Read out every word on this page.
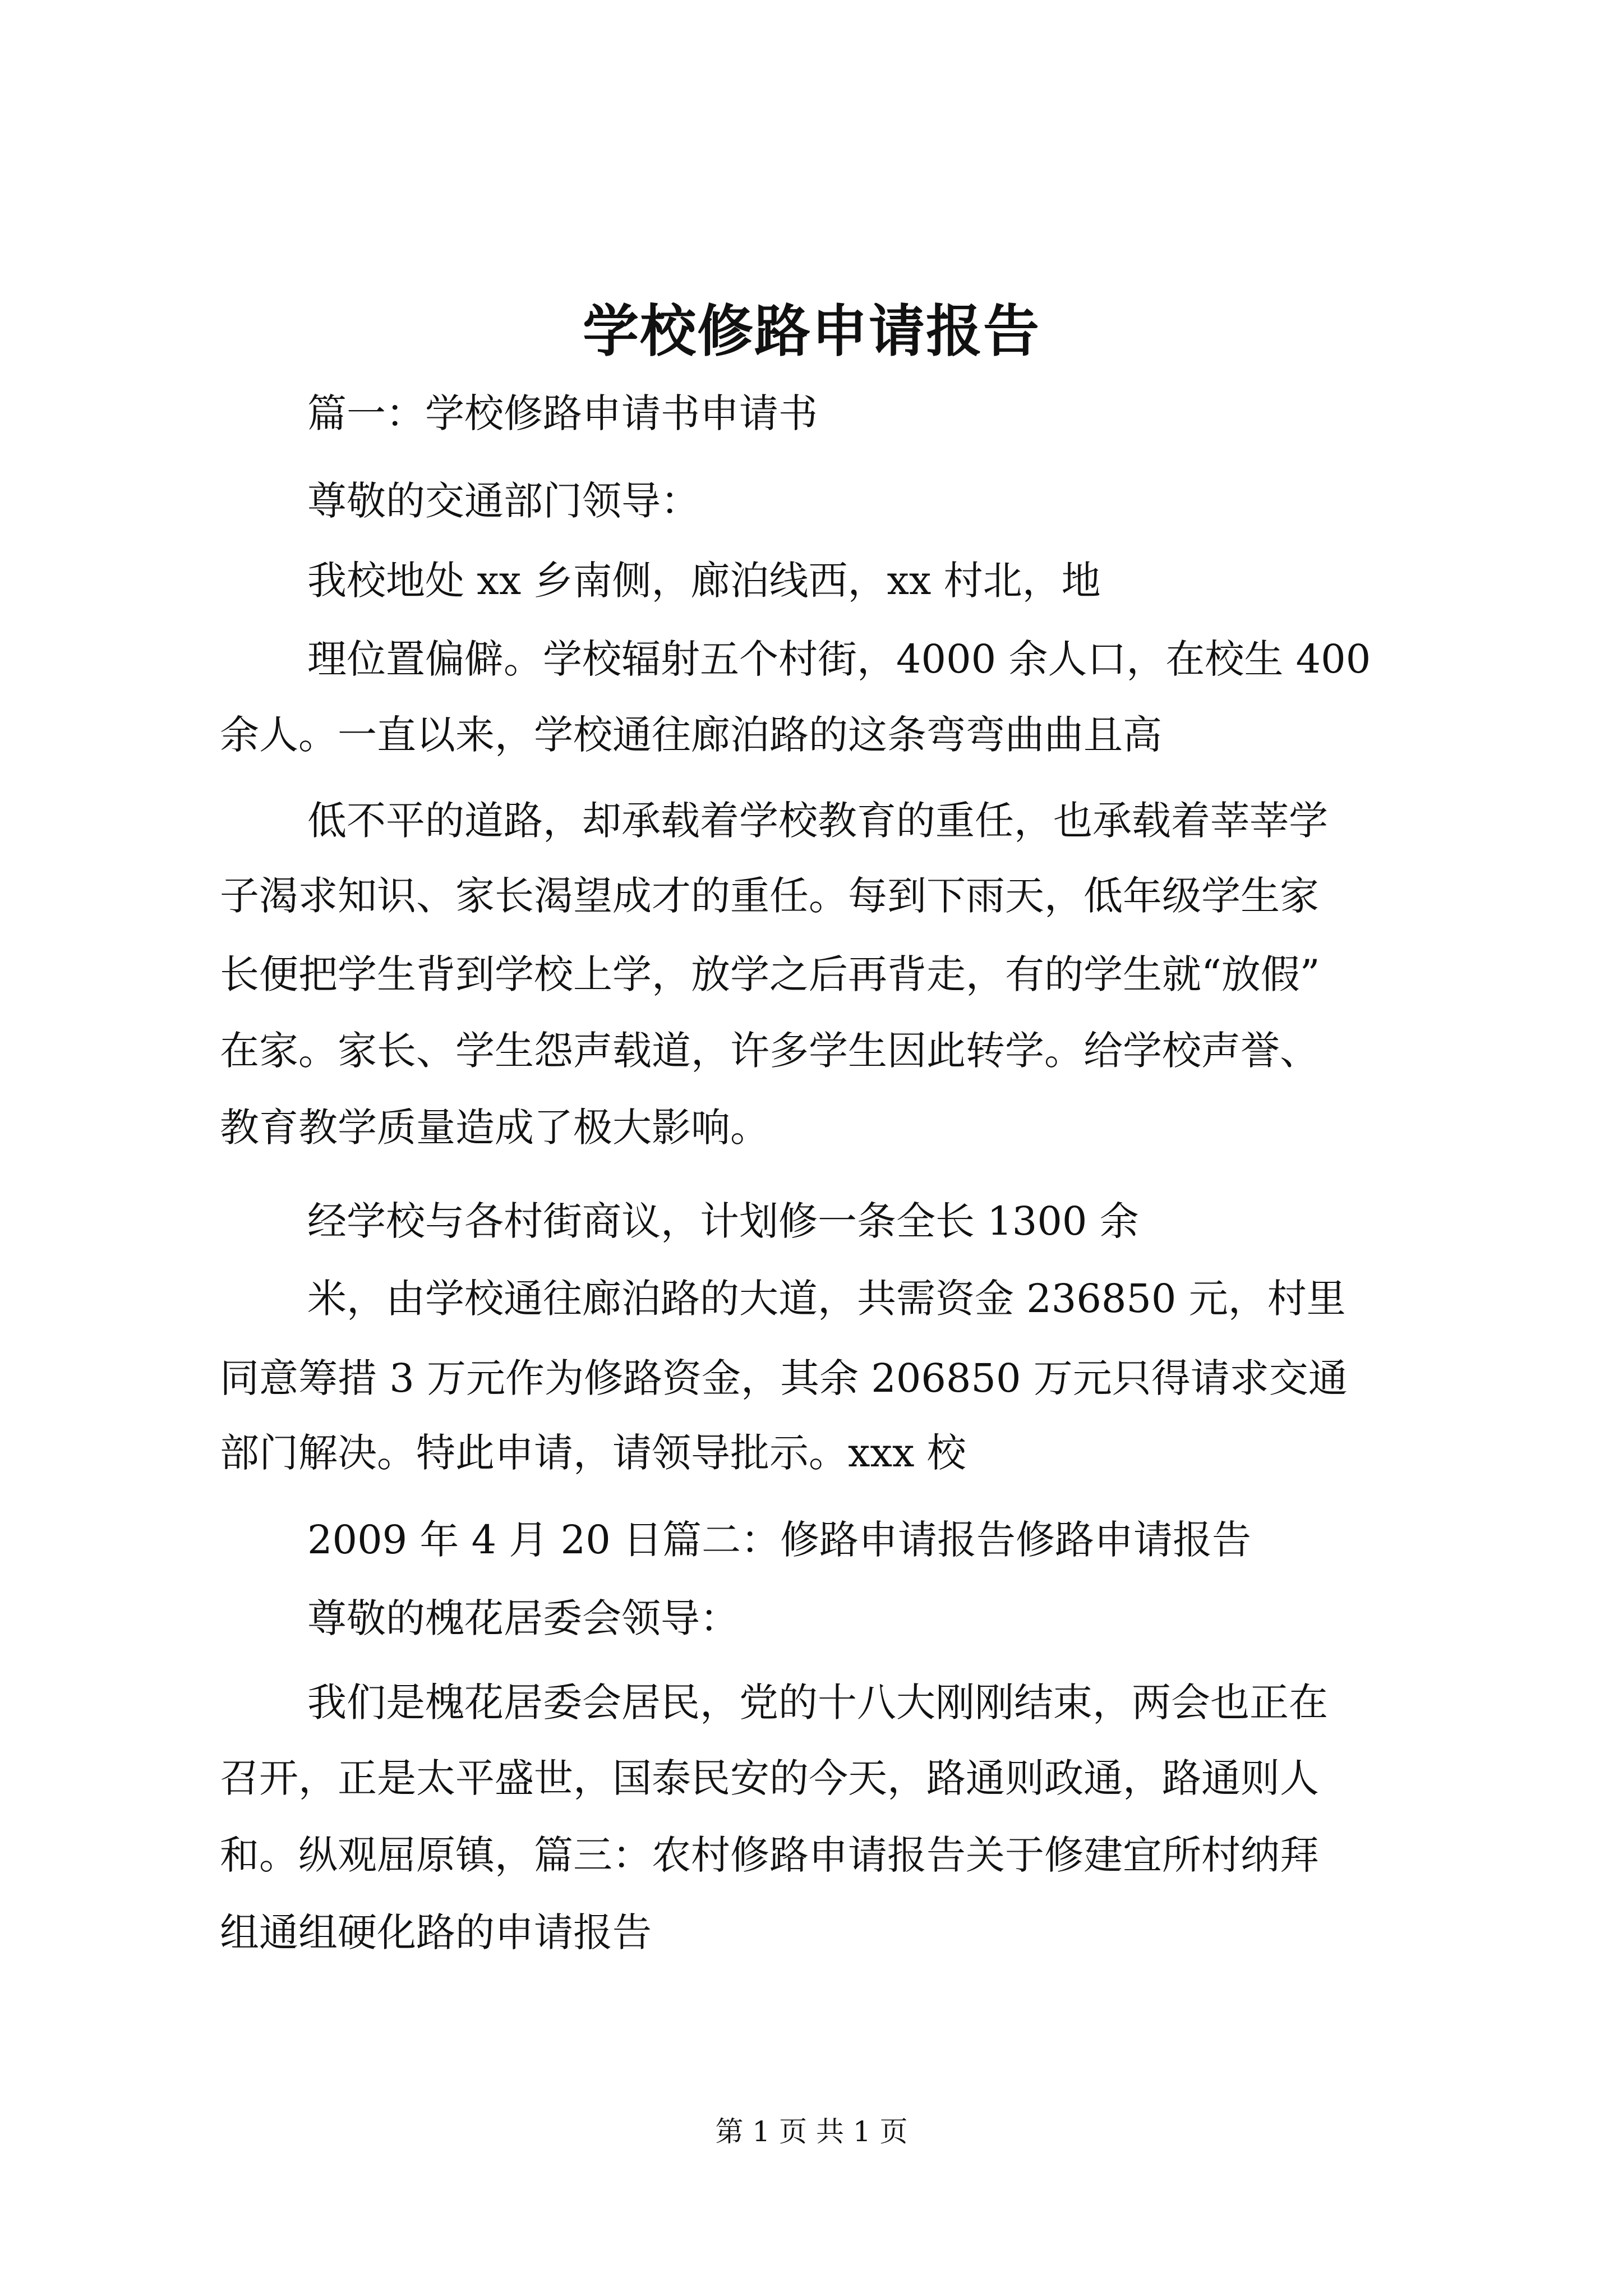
学校修路申请报告
篇一：学校修路申请书申请书
尊敬的交通部门领导：
我校地处 xx 乡南侧，廊泊线西，xx 村北，地
理位置偏僻。学校辐射五个村街，4000 余人口，在校生 400
余人。一直以来，学校通往廊泊路的这条弯弯曲曲且高
低不平的道路，却承载着学校教育的重任，也承载着莘莘学
子渴求知识、家长渴望成才的重任。每到下雨天，低年级学生家
长便把学生背到学校上学，放学之后再背走，有的学生就“放假”
在家。家长、学生怨声载道，许多学生因此转学。给学校声誉、
教育教学质量造成了极大影响。
经学校与各村街商议，计划修一条全长 1300 余
米，由学校通往廊泊路的大道，共需资金 236850 元，村里
同意筹措 3 万元作为修路资金，其余 206850 万元只得请求交通
部门解决。特此申请，请领导批示。xxx 校
2009 年 4 月 20 日篇二：修路申请报告修路申请报告
尊敬的槐花居委会领导：
我们是槐花居委会居民，党的十八大刚刚结束，两会也正在
召开，正是太平盛世，国泰民安的今天，路通则政通，路通则人
和。纵观屈原镇，篇三：农村修路申请报告关于修建宜所村纳拜
组通组硬化路的申请报告
第 1 页 共 1 页
